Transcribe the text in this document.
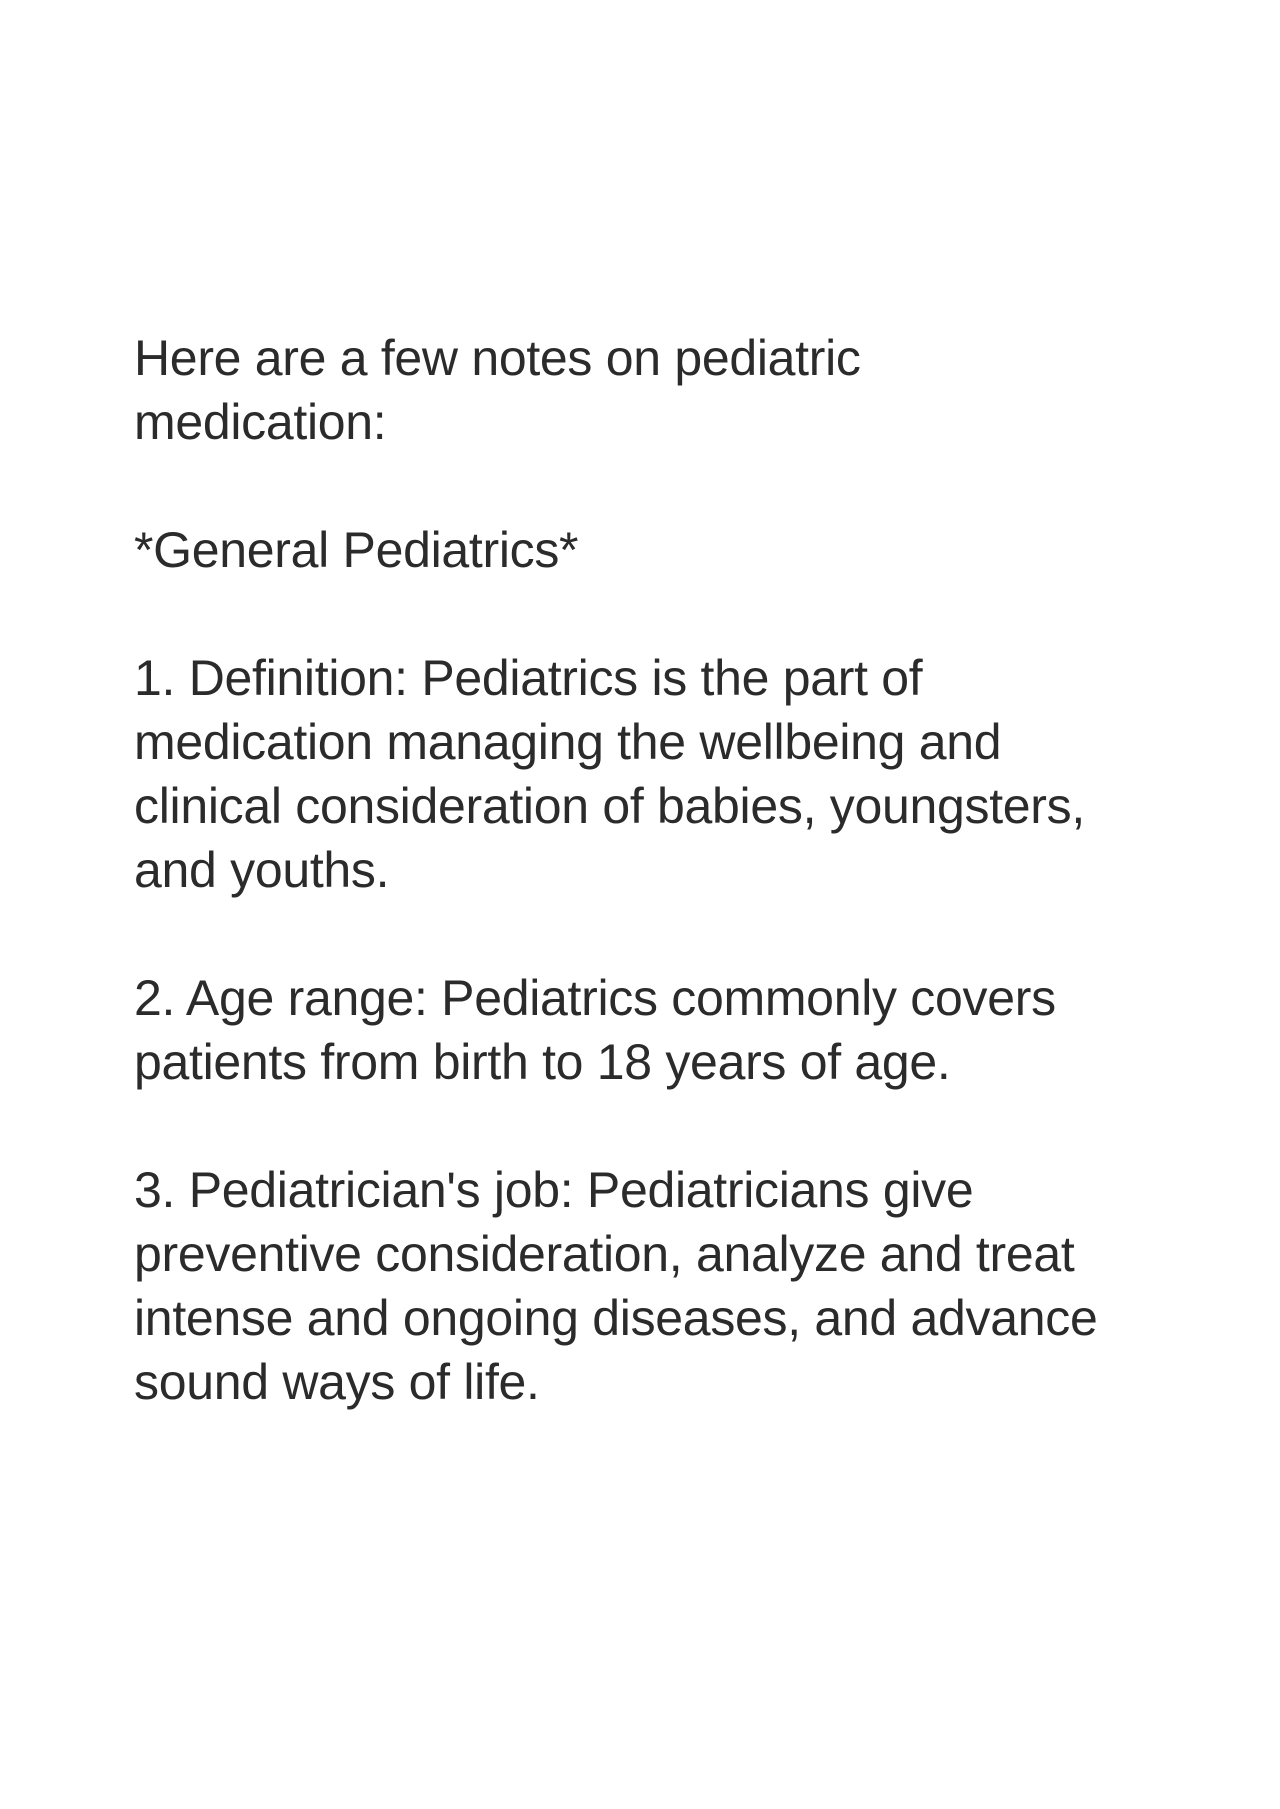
Here are a few notes on pediatric
medication:

*General Pediatrics*

1. Definition: Pediatrics is the part of
medication managing the wellbeing and
clinical consideration of babies, youngsters,
and youths.

2. Age range: Pediatrics commonly covers
patients from birth to 18 years of age.

3. Pediatrician's job: Pediatricians give
preventive consideration, analyze and treat
intense and ongoing diseases, and advance
sound ways of life.
